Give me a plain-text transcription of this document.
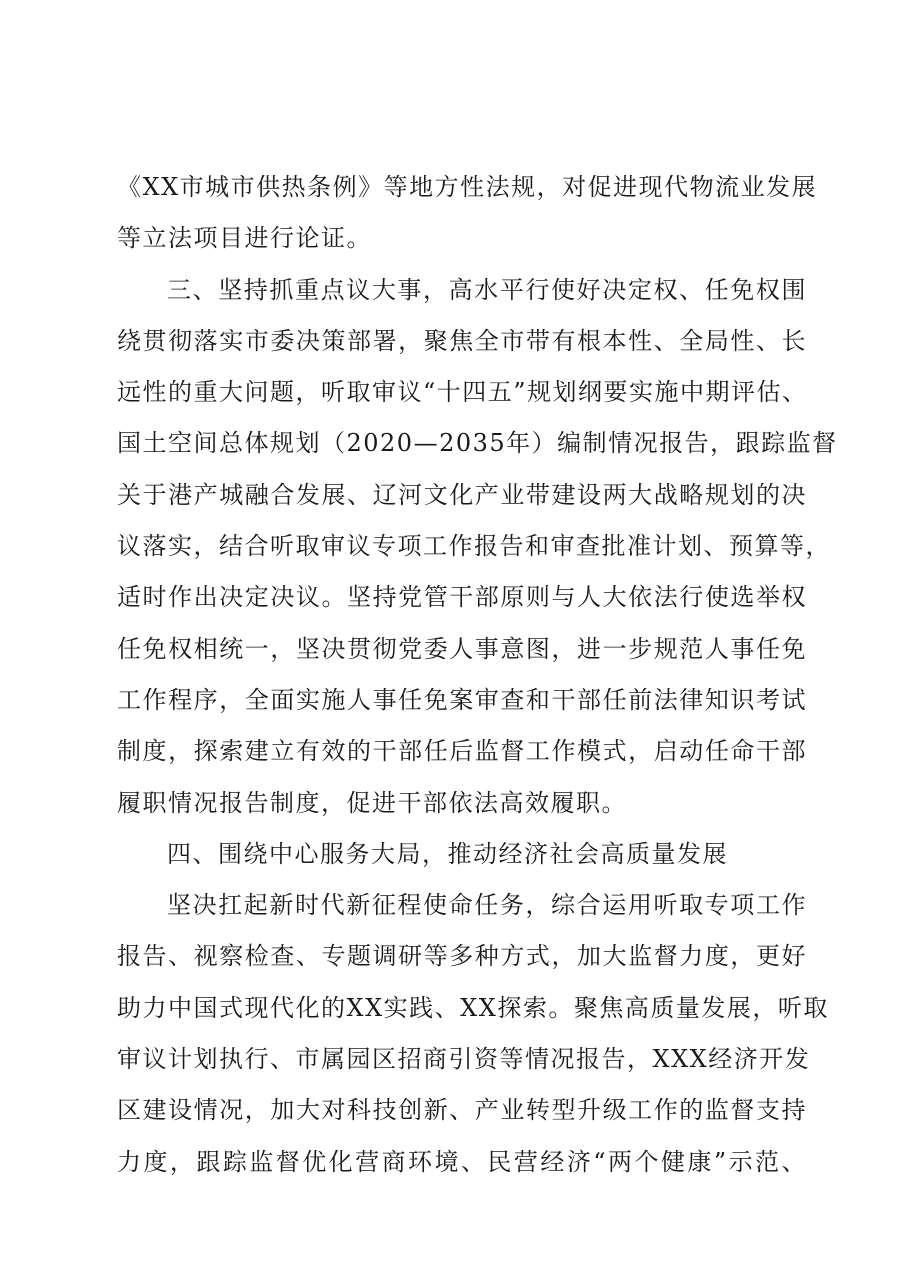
《XX市城市供热条例》等地方性法规，对促进现代物流业发展
等立法项目进行论证。
三、坚持抓重点议大事，高水平行使好决定权、任免权围
绕贯彻落实市委决策部署，聚焦全市带有根本性、全局性、长
远性的重大问题，听取审议“十四五”规划纲要实施中期评估、
国土空间总体规划（2020—2035年）编制情况报告，跟踪监督
关于港产城融合发展、辽河文化产业带建设两大战略规划的决
议落实，结合听取审议专项工作报告和审查批准计划、预算等，
适时作出决定决议。坚持党管干部原则与人大依法行使选举权
任免权相统一，坚决贯彻党委人事意图，进一步规范人事任免
工作程序，全面实施人事任免案审查和干部任前法律知识考试
制度，探索建立有效的干部任后监督工作模式，启动任命干部
履职情况报告制度，促进干部依法高效履职。
四、围绕中心服务大局，推动经济社会高质量发展
坚决扛起新时代新征程使命任务，综合运用听取专项工作
报告、视察检查、专题调研等多种方式，加大监督力度，更好
助力中国式现代化的XX实践、XX探索。聚焦高质量发展，听取
审议计划执行、市属园区招商引资等情况报告，XXX经济开发
区建设情况，加大对科技创新、产业转型升级工作的监督支持
力度，跟踪监督优化营商环境、民营经济“两个健康”示范、
